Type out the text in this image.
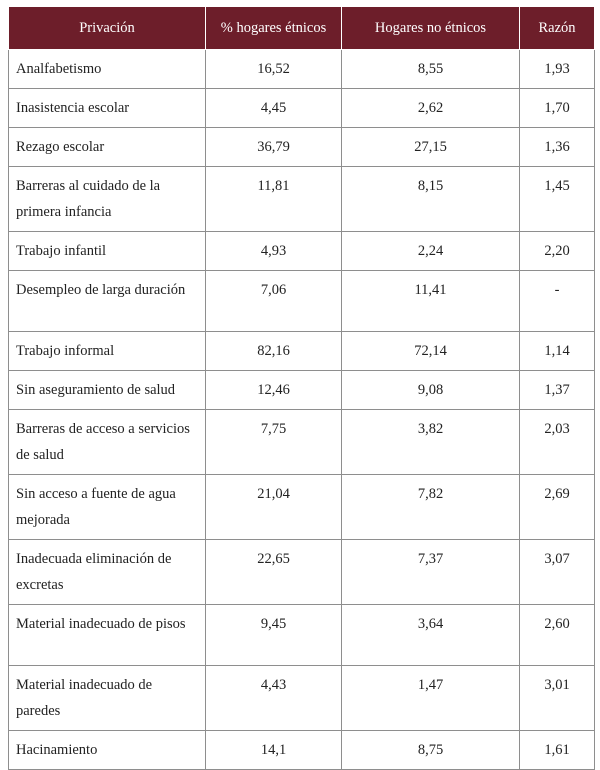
Privación	% hogares étnicos	Hogares no étnicos	Razón
Analfabetismo	16,52	8,55	1,93
Inasistencia escolar	4,45	2,62	1,70
Rezago escolar	36,79	27,15	1,36
Barreras al cuidado de la primera infancia	11,81	8,15	1,45
Trabajo infantil	4,93	2,24	2,20
Desempleo de larga duración	7,06	11,41	-
Trabajo informal	82,16	72,14	1,14
Sin aseguramiento de salud	12,46	9,08	1,37
Barreras de acceso a servicios de salud	7,75	3,82	2,03
Sin acceso a fuente de agua mejorada	21,04	7,82	2,69
Inadecuada eliminación de excretas	22,65	7,37	3,07
Material inadecuado de pisos	9,45	3,64	2,60
Material inadecuado de paredes	4,43	1,47	3,01
Hacinamiento	14,1	8,75	1,61
